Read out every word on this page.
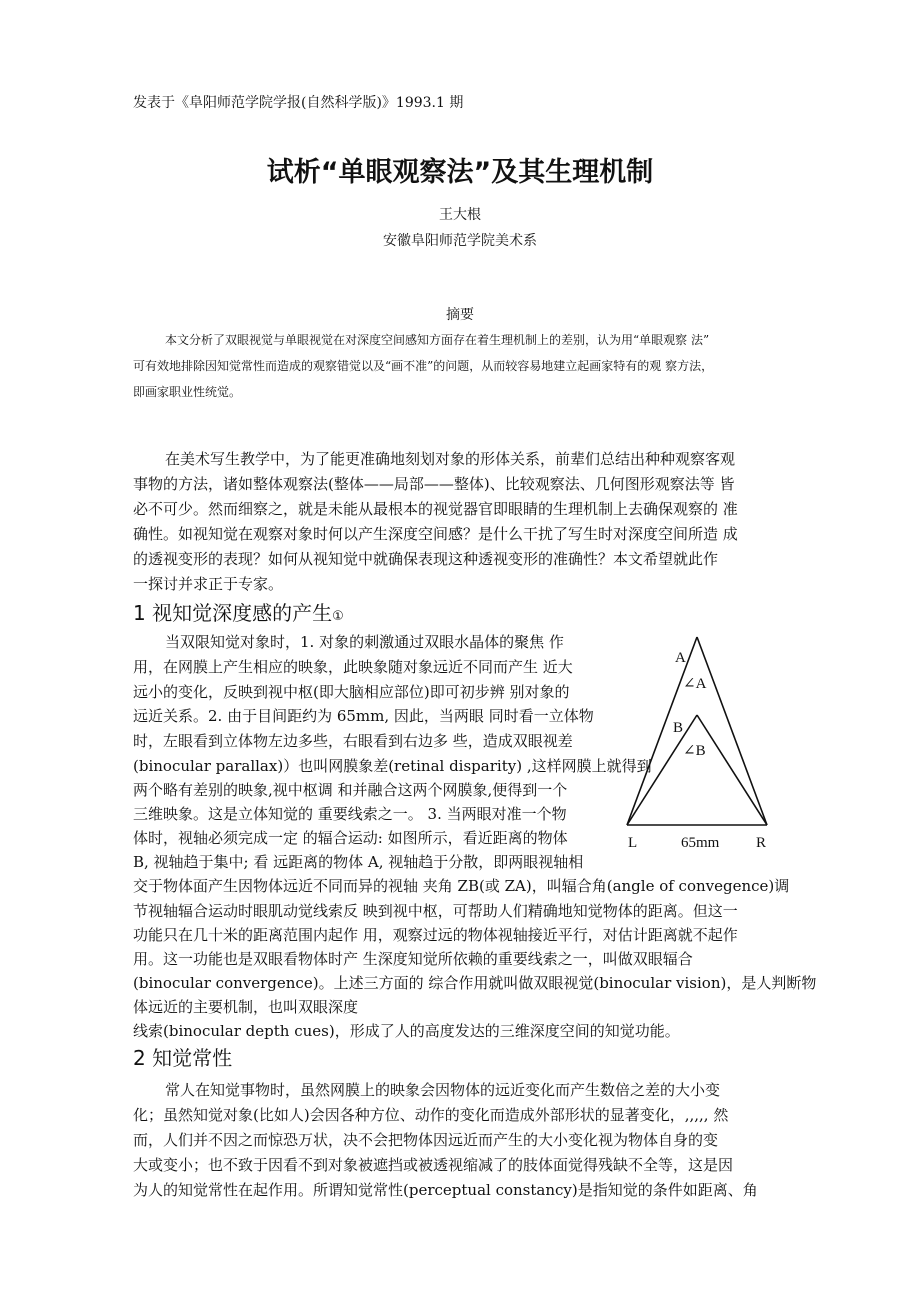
发表于《阜阳师范学院学报(自然科学版)》1993.1 期
试析“单眼观察法”及其生理机制
王大根
安徽阜阳师范学院美术系
摘要
本文分析了双眼视觉与单眼视觉在对深度空间感知方面存在着生理机制上的差别，认为用“单眼观察 法”
可有效地排除因知觉常性而造成的观察错觉以及“画不准”的问题，从而较容易地建立起画家特有的观 察方法，
即画家职业性统觉。
在美术写生教学中，为了能更准确地刻划对象的形体关系，前辈们总结出种种观察客观
事物的方法，诸如整体观察法(整体——局部——整体)、比较观察法、几何图形观察法等 皆
必不可少。然而细察之，就是未能从最根本的视觉器官即眼睛的生理机制上去确保观察的 准
确性。如视知觉在观察对象时何以产生深度空间感？是什么干扰了写生时对深度空间所造 成
的透视变形的表现？如何从视知觉中就确保表现这种透视变形的准确性？本文希望就此作
一探讨并求正于专家。
1 视知觉深度感的产生①
当双限知觉对象时，1. 对象的刺激通过双眼水晶体的聚焦 作
用，在网膜上产生相应的映象，此映象随对象远近不同而产生 近大
远小的变化，反映到视中枢(即大脑相应部位)即可初步辨 别对象的
远近关系。2. 由于目间距约为 65mm, 因此，当两眼 同时看一立体物
时，左眼看到立体物左边多些，右眼看到右边多 些，造成双眼视差
(binocular parallax)）也叫网膜象差(retinal disparity) ,这样网膜上就得到
两个略有差别的映象,视中枢调 和并融合这两个网膜象,便得到一个
三维映象。这是立体知觉的 重要线索之一。 3. 当两眼对准一个物
体时，视轴必须完成一定 的辐合运动: 如图所示，看近距离的物体
B, 视轴趋于集中; 看 远距离的物体 A, 视轴趋于分散，即两眼视轴相
交于物体面产生因物体远近不同而异的视轴 夹角 ZB(或 ZA)，叫辐合角(angle of convegence)调
节视轴辐合运动时眼肌动觉线索反 映到视中枢，可帮助人们精确地知觉物体的距离。但这一
功能只在几十米的距离范围内起作 用，观察过远的物体视轴接近平行，对估计距离就不起作
用。这一功能也是双眼看物体时产 生深度知觉所依赖的重要线索之一，叫做双眼辐合
(binocular convergence)。上述三方面的 综合作用就叫做双眼视觉(binocular vision)，是人判断物
体远近的主要机制，也叫双眼深度
线索(binocular depth cues)，形成了人的高度发达的三维深度空间的知觉功能。
2 知觉常性
常人在知觉事物时，虽然网膜上的映象会因物体的远近变化而产生数倍之差的大小变
化；虽然知觉对象(比如人)会因各种方位、动作的变化而造成外部形状的显著变化，,,,,, 然
而，人们并不因之而惊恐万状，决不会把物体因远近而产生的大小变化视为物体自身的变
大或变小；也不致于因看不到对象被遮挡或被透视缩减了的肢体面觉得残缺不全等，这是因
为人的知觉常性在起作用。所谓知觉常性(perceptual constancy)是指知觉的条件如距离、角
A
∠A
B
∠B
L	65mm R
